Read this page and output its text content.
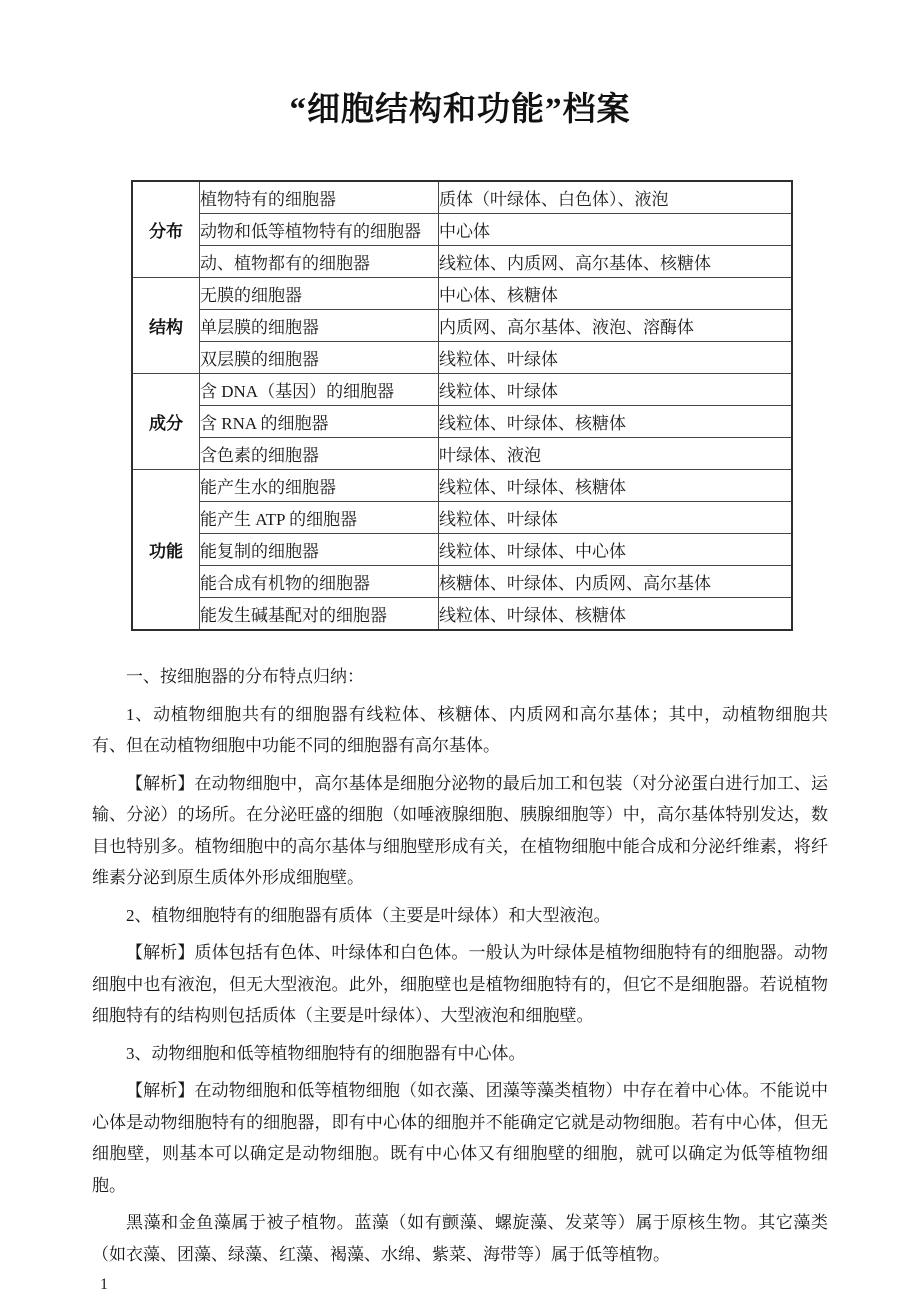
“细胞结构和功能”档案
分布	植物特有的细胞器	质体（叶绿体、白色体）、液泡
	动物和低等植物特有的细胞器	中心体
	动、植物都有的细胞器	线粒体、内质网、高尔基体、核糖体
结构	无膜的细胞器	中心体、核糖体
	单层膜的细胞器	内质网、高尔基体、液泡、溶酶体
	双层膜的细胞器	线粒体、叶绿体
成分	含 DNA（基因）的细胞器	线粒体、叶绿体
	含 RNA 的细胞器	线粒体、叶绿体、核糖体
	含色素的细胞器	叶绿体、液泡
功能	能产生水的细胞器	线粒体、叶绿体、核糖体
	能产生 ATP 的细胞器	线粒体、叶绿体
	能复制的细胞器	线粒体、叶绿体、中心体
	能合成有机物的细胞器	核糖体、叶绿体、内质网、高尔基体
	能发生碱基配对的细胞器	线粒体、叶绿体、核糖体

一、按细胞器的分布特点归纳：

1、动植物细胞共有的细胞器有线粒体、核糖体、内质网和高尔基体；其中，动植物细胞共有、但在动植物细胞中功能不同的细胞器有高尔基体。

【解析】在动物细胞中，高尔基体是细胞分泌物的最后加工和包装（对分泌蛋白进行加工、运输、分泌）的场所。在分泌旺盛的细胞（如唾液腺细胞、胰腺细胞等）中，高尔基体特别发达，数目也特别多。植物细胞中的高尔基体与细胞壁形成有关，在植物细胞中能合成和分泌纤维素，将纤维素分泌到原生质体外形成细胞壁。

2、植物细胞特有的细胞器有质体（主要是叶绿体）和大型液泡。

【解析】质体包括有色体、叶绿体和白色体。一般认为叶绿体是植物细胞特有的细胞器。动物细胞中也有液泡，但无大型液泡。此外，细胞壁也是植物细胞特有的，但它不是细胞器。若说植物细胞特有的结构则包括质体（主要是叶绿体）、大型液泡和细胞壁。

3、动物细胞和低等植物细胞特有的细胞器有中心体。

【解析】在动物细胞和低等植物细胞（如衣藻、团藻等藻类植物）中存在着中心体。不能说中心体是动物细胞特有的细胞器，即有中心体的细胞并不能确定它就是动物细胞。若有中心体，但无细胞壁，则基本可以确定是动物细胞。既有中心体又有细胞壁的细胞，就可以确定为低等植物细胞。

黑藻和金鱼藻属于被子植物。蓝藻（如有颤藻、螺旋藻、发菜等）属于原核生物。其它藻类（如衣藻、团藻、绿藻、红藻、褐藻、水绵、紫菜、海带等）属于低等植物。

1
